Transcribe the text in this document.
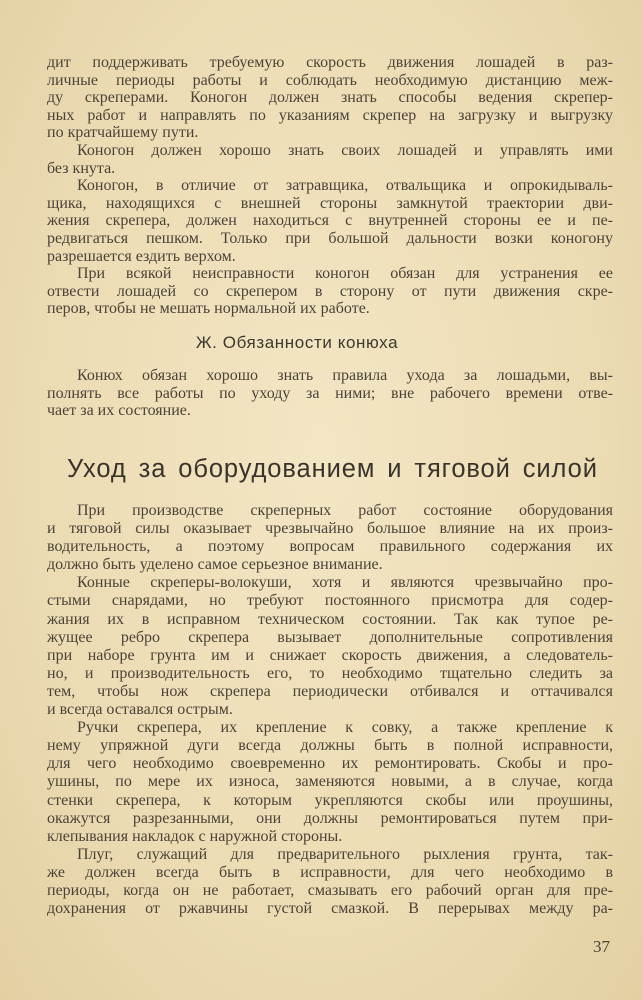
дит поддерживать требуемую скорость движения лошадей в раз-
личные периоды работы и соблюдать необходимую дистанцию меж-
ду скреперами. Коногон должен знать способы ведения скрепер-
ных работ и направлять по указаниям скрепер на загрузку и выгрузку
по кратчайшему пути.
Коногон должен хорошо знать своих лошадей и управлять ими
без кнута.
Коногон, в отличие от затравщика, отвальщика и опрокидываль-
щика, находящихся с внешней стороны замкнутой траектории дви-
жения скрепера, должен находиться с внутренней стороны ее и пе-
редвигаться пешком. Только при большой дальности возки коногону
разрешается ездить верхом.
При всякой неисправности коногон обязан для устранения ее
отвести лошадей со скрепером в сторону от пути движения скре-
перов, чтобы не мешать нормальной их работе.
Ж. Обязанности конюха
Конюх обязан хорошо знать правила ухода за лошадьми, вы-
полнять все работы по уходу за ними; вне рабочего времени отве-
чает за их состояние.
Уход за оборудованием и тяговой силой
При производстве скреперных работ состояние оборудования
и тяговой силы оказывает чрезвычайно большое влияние на их произ-
водительность, а поэтому вопросам правильного содержания их
должно быть уделено самое серьезное внимание.
Конные скреперы-волокуши, хотя и являются чрезвычайно про-
стыми снарядами, но требуют постоянного присмотра для содер-
жания их в исправном техническом состоянии. Так как тупое ре-
жущее ребро скрепера вызывает дополнительные сопротивления
при наборе грунта им и снижает скорость движения, а следователь-
но, и производительность его, то необходимо тщательно следить за
тем, чтобы нож скрепера периодически отбивался и оттачивался
и всегда оставался острым.
Ручки скрепера, их крепление к совку, а также крепление к
нему упряжной дуги всегда должны быть в полной исправности,
для чего необходимо своевременно их ремонтировать. Скобы и про-
ушины, по мере их износа, заменяются новыми, а в случае, когда
стенки скрепера, к которым укрепляются скобы или проушины,
окажутся разрезанными, они должны ремонтироваться путем при-
клепывания накладок с наружной стороны.
Плуг, служащий для предварительного рыхления грунта, так-
же должен всегда быть в исправности, для чего необходимо в
периоды, когда он не работает, смазывать его рабочий орган для пре-
дохранения от ржавчины густой смазкой. В перерывах между ра-
37
